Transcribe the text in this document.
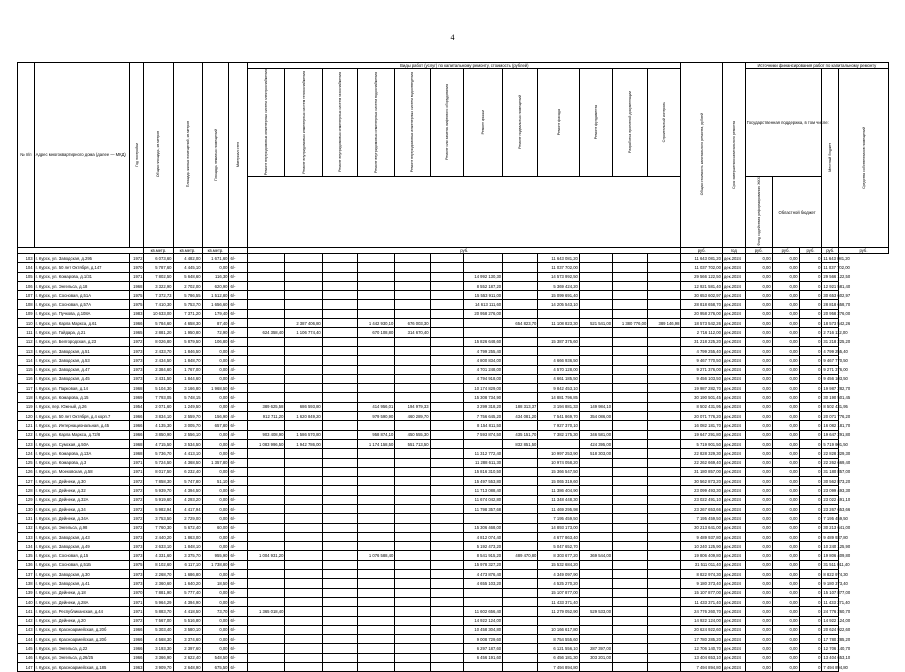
4
№ п/п	Адрес многоквартирного дома (далее — МКД)	Год постройки	Общая площадь, кв.метров	Площадь жилых помещений, кв.метров	Площадь нежилых помещений	Материал стен	Виды работ (услуг) по капитальному ремонту, стоимость (рублей)												Общая стоимость капитального ремонта, рублей	Срок завершения капитального ремонта	Источники финансирования работ по капитальному ремонту				
							Ремонт внутридомовых инженерных систем электроснабжения	Ремонт внутридомовых инженерных систем теплоснабжения	Ремонт внутридомовых инженерных систем газоснабжения	Ремонт внутридомовых инженерных систем водоснабжения	Ремонт внутридомовых инженерных систем водоотведения	Ремонт или замена лифтового оборудования	Ремонт крыши	Ремонт подвальных помещений	Ремонт фасада	Ремонт фундамента	Разработка проектной документации	Строительный контроль			Государственная поддержка, в том числе:			Местный бюджет	Средства собственников помещений
																					Фонд содействия реформированию ЖКХ	Областной бюджет			
			кв.метр.	кв.метр.	кв.метр.		руб.												руб.	год	руб.	руб.	руб.	руб.	руб.
103	г. Курск, ул. Заводская, д.295	1972	6 073,60	4 482,00	1 671,60	6/-									11 643 081,20				11 643 081,20	дек.2024	0,00	0,00	0	11 643 081,20	
104	г. Курск, ул. 50 лет Октября, д.147	1970	5 787,60	4 445,10	0,00	6/-									11 037 702,00				11 037 702,00	дек.2024	0,00	0,00	0	11 037 702,00	
105	г. Курск, ул. Комарова, д.1/31	1971	7 802,50	5 648,60	116,30	6/-							14 992 130,30		14 573 992,50				29 566 122,50	дек.2024	0,00	0,00	0	29 566 122,50	
106	г. Курск, ул. Энгельса, д.18	1968	3 322,90	2 702,00	620,90	6/-							8 552 187,20		5 369 424,20				12 921 581,40	дек.2024	0,00	0,00	0	12 921 581,40	
107	г. Курск, ул. Сосновая, д.51А	1975	7 372,73	5 786,55	1 512,80	6/-							15 553 911,00		15 099 691,40				30 653 602,97	дек.2024	0,00	0,00	0	30 653 602,97	
108	г. Курск, ул. Сосновая, д.57А	1975	7 410,30	5 753,70	1 656,60	6/-							14 613 111,60		14 205 543,10				28 818 658,70	дек.2024	0,00	0,00	0	28 818 658,70	
109	г. Курск, ул. Пучкова, д.108А	1983	10 633,00	7 371,20	179,40	6/-							20 958 276,00						20 958 276,00	дек.2024	0,00	0,00	0	20 958 276,00	
110	г. Курск, ул. Карла Маркса, д.61	1966	5 784,60	4 658,30	87,40	4/-		2 387 406,80		1 442 930,10	676 003,30			654 823,70	11 108 823,30	521 541,00	1 380 776,00	389 146,98	18 573 542,26	дек.2024	0,00	0,00	0	18 573 542,26	
111	г. Курск, ул. Гайдара, д.21	1965	2 881,20	1 950,80	72,90	4/-	624 358,40	1 106 774,40		670 108,80	314 670,40								2 716 112,00	дек.2024	0,00	0,00	0	2 716 112,00	
112	г. Курск, ул. Белгородская, д.23	1972	8 026,80	5 879,50	106,80	6/-							15 826 648,60		15 387 375,60				31 218 225,20	дек.2024	0,00	0,00	0	31 218 225,20	
113	г. Курск, ул. Заводская, д.51	1973	2 433,70	1 846,50	0,00	4/-							4 799 255,40						4 799 255,40	дек.2024	0,00	0,00	0	4 799 255,40	
114	г. Курск, ул. Заводская, д.53	1973	2 434,50	1 848,70	0,00	4/-							4 800 834,00		4 666 936,50				9 467 770,50	дек.2024	0,00	0,00	0	9 467 770,50	
115	г. Курск, ул. Заводская, д.47	1973	2 384,60	1 767,00	0,00	4/-							4 701 248,00		4 570 128,00				9 271 376,00	дек.2024	0,00	0,00	0	9 271 376,00	
116	г. Курск, ул. Заводская, д.45	1973	2 431,50	1 844,60	0,00	4/-							4 794 918,00		4 661 185,50				9 456 103,50	дек.2024	0,00	0,00	0	9 456 103,50	
117	г. Курск, ул. Парковая, д.14	1968	5 104,30	3 166,80	1 968,50	6/-							10 174 829,00		9 842 453,10				19 987 282,70	дек.2024	0,00	0,00	0	19 987 282,70	
118	г. Курск, ул. Комарова, д.15	1969	7 793,05	5 748,15	0,00	6/-							15 308 734,90		14 881 796,85				30 190 501,45	дек.2024	0,00	0,00	0	30 190 501,45	
119	г. Курск, пер. Южный, д.26	1954	2 071,60	1 249,50	0,00	4/-	389 625,58	686 593,80		414 956,01	194 979,33		3 299 318,20	188 313,37	3 194 881,33	149 984,10			8 502 431,95	дек.2024	0,00	0,00	0	8 502 431,95	
120	г. Курск, ул. 50 лет Октября, д.4 корп.7	1966	3 834,10	2 559,70	156,90	4/-	912 711,20	1 620 849,20		979 590,90	460 289,70		7 756 645,20	434 081,20	7 541 869,70	354 086,00			20 071 776,20	дек.2024	0,00	0,00	0	20 071 776,20	
121	г. Курск, ул. Интернациональная, д.45	1966	4 135,30	3 005,70	657,80	6/-							8 154 811,50		7 927 370,10				16 082 181,70	дек.2024	0,00	0,00	0	16 082 181,70	
122	г. Курск, ул. Карла Маркса, д.72/8	1966	3 850,90	2 556,10	0,00	4/-	903 408,90	1 586 570,80		958 874,10	450 555,30		7 593 874,50	435 151,70	7 382 175,30	346 581,00			19 647 291,80	дек.2024	0,00	0,00	0	19 647 291,80	
123	г. Курск, ул. Сумская, д.50А	1968	4 715,50	3 534,50	0,00	4/-	1 083 996,50	1 942 786,00		1 174 158,50	551 713,50			832 851,50		424 395,00			5 719 901,50	дек.2024	0,00	0,00	0	5 719 901,50	
124	г. Курск, ул. Комарова, д.13А	1968	5 736,70	4 413,10	0,00	6/-							11 312 772,40		10 997 253,90	518 303,00			22 828 329,30	дек.2024	0,00	0,00	0	22 828 329,30	
125	г. Курск, ул. Комарова, д.3	1971	5 724,50	4 368,50	1 357,80	6/-							11 288 611,30		10 974 058,20				22 262 669,40	дек.2024	0,00	0,00	0	22 262 669,40	
126	г. Курск, ул. Моековская, д.58	1971	8 017,50	6 232,40	0,00	6/-							15 816 310,50		15 366 547,50				31 180 857,00	дек.2024	0,00	0,00	0	31 180 857,00	
127	г. Курск, ул. Дейнеки, д.30	1972	7 858,30	5 747,80	51,10	6/-							15 497 553,80		15 065 319,60				30 562 873,20	дек.2024	0,00	0,00	0	30 562 873,20	
128	г. Курск, ул. Дейнеки, д.32	1972	5 939,70	4 394,50	0,00	6/-							11 713 088,40		11 386 404,90				23 099 493,30	дек.2024	0,00	0,00	0	23 099 493,30	
129	г. Курск, ул. Дейнеки, д.32А	1972	5 919,60	4 293,20	0,00	6/-							11 674 042,80		11 348 448,30				23 022 491,10	дек.2024	0,00	0,00	0	23 022 491,10	
130	г. Курск, ул. Дейнеки, д.34	1972	5 982,94	4 417,94	0,00	6/-							11 798 357,68		11 469 295,98				23 267 653,66	дек.2024	0,00	0,00	0	23 267 653,66	
131	г. Курск, ул. Дейнеки, д.34А	1972	3 753,50	2 729,00	0,00	6/-									7 195 459,50				7 195 459,50	дек.2024	0,00	0,00	0	7 195 459,50	
132	г. Курск, ул. Энгельса, д.98	1972	7 760,30	5 672,40	60,00	6/-							15 306 468,00		14 893 173,00				30 213 641,00	дек.2024	0,00	0,00	0	30 213 641,00	
133	г. Курск, ул. Заводская, д.43	1973	2 440,20	1 863,00	0,00	4/-							4 812 074,40		4 677 863,40				9 489 937,80	дек.2024	0,00	0,00	0	9 489 937,80	
134	г. Курск, ул. Заводская, д.49	1973	2 633,10	1 848,10	0,00	4/-							5 192 473,20		5 047 652,70				10 240 125,90	дек.2024	0,00	0,00	0	10 240 125,90	
135	г. Курск, ул. Сосновая, д.15	1973	4 331,60	3 375,70	955,90	6/-	1 004 931,20			1 076 588,40			8 541 915,20	489 470,80	8 303 677,20	369 544,00			19 806 409,80	дек.2024	0,00	0,00	0	19 806 409,80	
136	г. Курск, ул. Сосновая, д.51Б	1975	8 102,60	6 117,10	1 738,80	6/-							15 978 327,20		15 532 684,20				31 511 011,40	дек.2024	0,00	0,00	0	31 511 011,40	
137	г. Курск, ул. Заводская, д.30	1973	2 268,70	1 686,80	0,00	4/-							4 473 876,40		4 349 097,90				8 822 974,30	дек.2024	0,00	0,00	0	8 822 974,30	
138	г. Курск, ул. Заводская, д.41	1973	2 360,60	1 640,20	18,50	6/-							4 655 103,20		4 525 270,20				9 180 373,40	дек.2024	0,00	0,00	0	9 180 373,40	
139	г. Курск, ул. Дейнеки, д.18	1970	7 881,90	5 777,40	0,00	6/-									15 107 877,00				15 107 877,00	дек.2024	0,00	0,00	0	15 107 877,00	
140	г. Курск, ул. Дейнеки, д.28А	1971	5 964,29	4 394,90	0,00	6/-									11 433 371,40				11 433 371,40	дек.2024	0,00	0,00	0	11 433 371,40	
141	г. Курск, ул. Республиканская, д.44	1971	5 883,70	4 418,50	73,70	6/-	1 365 018,40						11 602 656,40		11 279 052,90	529 533,00			24 776 260,70	дек.2024	0,00	0,00	0	24 776 260,70	
142	г. Курск, ул. Дейнеки, д.20	1972	7 567,00	5 516,80	0,00	6/-							14 922 124,00						14 922 124,00	дек.2024	0,00	0,00	0	14 922 124,00	
143	г. Курск, ул. Красноармейская, д.20б	1966	5 303,40	3 580,10	0,00	6/-							10 458 304,80		10 166 617,80				20 624 922,60	дек.2024	0,00	0,00	0	20 624 922,60	
144	г. Курск, ул. Красноармейская, д.20б	1966	4 568,30	3 374,60	0,00	6/-							9 008 729,60		8 754 555,60				17 780 285,20	дек.2024	0,00	0,00	0	17 780 285,20	
145	г. Курск, ул. Энгельса, д.22	1966	3 193,30	2 397,60	0,00	6/-							6 297 187,60		6 121 556,10	287 397,00			12 706 140,70	дек.2024	0,00	0,00	0	12 706 140,70	
146	г. Курск, ул. Энгельса, д.26/25	1966	3 366,90	2 622,40	548,50	6/-							6 456 191,60		6 456 181,30	303 201,00			13 404 653,10	дек.2024	0,00	0,00	0	13 404 653,10	
147	г. Курск, ул. Красноармейская, д.185	1963	3 909,70	2 648,90	675,50	6/-									7 494 894,80				7 494 894,80	дек.2024	0,00	0,00	0	7 494 894,80	
